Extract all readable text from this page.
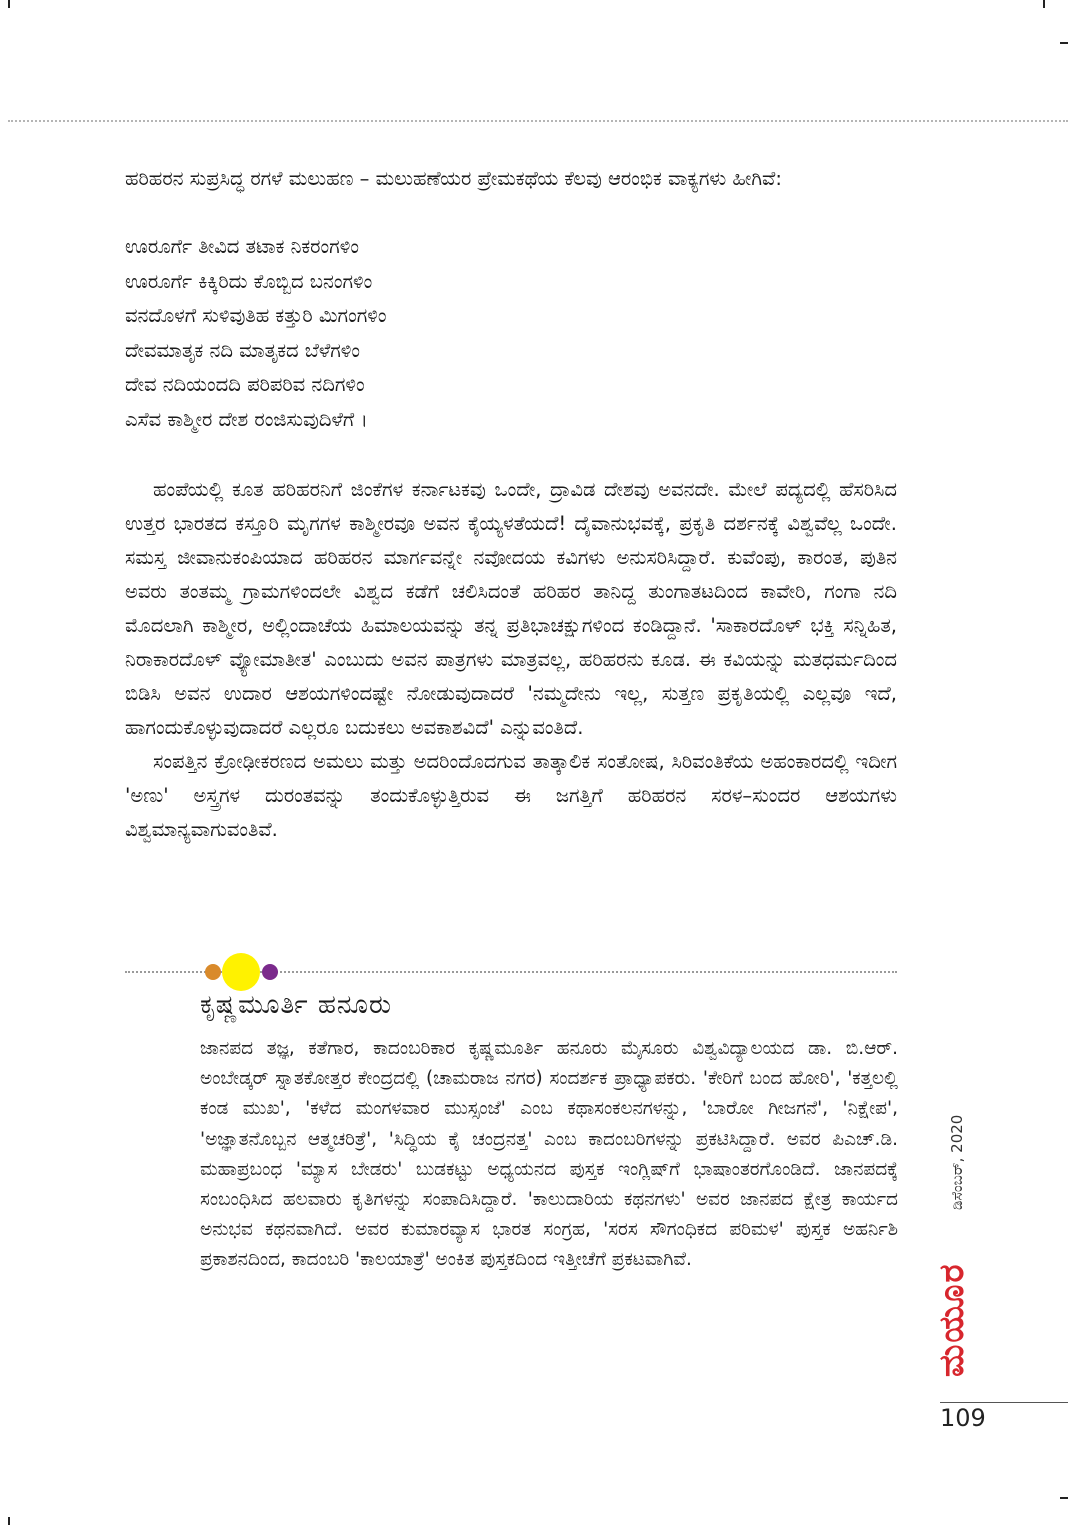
ಹರಿಹರನ ಸುಪ್ರಸಿದ್ಧ ರಗಳೆ ಮಲುಹಣ – ಮಲುಹಣೆಯರ ಪ್ರೇಮಕಥೆಯ ಕೆಲವು ಆರಂಭಿಕ ವಾಕ್ಯಗಳು ಹೀಗಿವೆ:

ಊರೂರ್ಗೆ ತೀವಿದ ತಟಾಕ ನಿಕರಂಗಳಿಂ
ಊರೂರ್ಗೆ ಕಿಕ್ಕಿರಿದು ಕೊಬ್ಬಿದ ಬನಂಗಳಿಂ
ವನದೊಳಗೆ ಸುಳಿವುತಿಹ ಕತ್ತುರಿ ಮಿಗಂಗಳಿಂ
ದೇವಮಾತೃಕ ನದಿ ಮಾತೃಕದ ಬೆಳೆಗಳಿಂ
ದೇವ ನದಿಯಂದದಿ ಪರಿಪರಿವ ನದಿಗಳಿಂ
ಎಸೆವ ಕಾಶ್ಮೀರ ದೇಶ ರಂಜಿಸುವುದಿಳೆಗೆ ।

ಹಂಪೆಯಲ್ಲಿ ಕೂತ ಹರಿಹರನಿಗೆ ಜಿಂಕೆಗಳ ಕರ್ನಾಟಕವು ಒಂದೇ, ದ್ರಾವಿಡ ದೇಶವು ಅವನದೇ. ಮೇಲೆ ಪದ್ಯದಲ್ಲಿ ಹೆಸರಿಸಿದ ಉತ್ತರ ಭಾರತದ ಕಸ್ತೂರಿ ಮೃಗಗಳ ಕಾಶ್ಮೀರವೂ ಅವನ ಕೈಯ್ಯಳತೆಯದೆ! ದೈವಾನುಭವಕ್ಕೆ, ಪ್ರಕೃತಿ ದರ್ಶನಕ್ಕೆ ವಿಶ್ವವೆಲ್ಲ ಒಂದೇ. ಸಮಸ್ತ ಜೀವಾನುಕಂಪಿಯಾದ ಹರಿಹರನ ಮಾರ್ಗವನ್ನೇ ನವೋದಯ ಕವಿಗಳು ಅನುಸರಿಸಿದ್ದಾರೆ. ಕುವೆಂಪು, ಕಾರಂತ, ಪುತಿನ ಅವರು ತಂತಮ್ಮ ಗ್ರಾಮಗಳಿಂದಲೇ ವಿಶ್ವದ ಕಡೆಗೆ ಚಲಿಸಿದಂತೆ ಹರಿಹರ ತಾನಿದ್ದ ತುಂಗಾತಟದಿಂದ ಕಾವೇರಿ, ಗಂಗಾ ನದಿ ಮೊದಲಾಗಿ ಕಾಶ್ಮೀರ, ಅಲ್ಲಿಂದಾಚೆಯ ಹಿಮಾಲಯವನ್ನು ತನ್ನ ಪ್ರತಿಭಾಚಕ್ಷುಗಳಿಂದ ಕಂಡಿದ್ದಾನೆ. 'ಸಾಕಾರದೊಳ್ ಭಕ್ತಿ ಸನ್ನಿಹಿತ, ನಿರಾಕಾರದೊಳ್ ವ್ಯೋಮಾತೀತ' ಎಂಬುದು ಅವನ ಪಾತ್ರಗಳು ಮಾತ್ರವಲ್ಲ, ಹರಿಹರನು ಕೂಡ. ಈ ಕವಿಯನ್ನು ಮತಧರ್ಮದಿಂದ ಬಿಡಿಸಿ ಅವನ ಉದಾರ ಆಶಯಗಳಿಂದಷ್ಟೇ ನೋಡುವುದಾದರೆ 'ನಮ್ಮದೇನು ಇಲ್ಲ, ಸುತ್ತಣ ಪ್ರಕೃತಿಯಲ್ಲಿ ಎಲ್ಲವೂ ಇದೆ, ಹಾಗಂದುಕೊಳ್ಳುವುದಾದರೆ ಎಲ್ಲರೂ ಬದುಕಲು ಅವಕಾಶವಿದೆ' ಎನ್ನುವಂತಿದೆ.

ಸಂಪತ್ತಿನ ಕ್ರೋಢೀಕರಣದ ಅಮಲು ಮತ್ತು ಅದರಿಂದೊದಗುವ ತಾತ್ಕಾಲಿಕ ಸಂತೋಷ, ಸಿರಿವಂತಿಕೆಯ ಅಹಂಕಾರದಲ್ಲಿ ಇದೀಗ 'ಅಣು' ಅಸ್ತ್ರಗಳ ದುರಂತವನ್ನು ತಂದುಕೊಳ್ಳುತ್ತಿರುವ ಈ ಜಗತ್ತಿಗೆ ಹರಿಹರನ ಸರಳ–ಸುಂದರ ಆಶಯಗಳು ವಿಶ್ವಮಾನ್ಯವಾಗುವಂತಿವೆ.

ಕೃಷ್ಣಮೂರ್ತಿ ಹನೂರು
ಜಾನಪದ ತಜ್ಞ, ಕತೆಗಾರ, ಕಾದಂಬರಿಕಾರ ಕೃಷ್ಣಮೂರ್ತಿ ಹನೂರು ಮೈಸೂರು ವಿಶ್ವವಿದ್ಯಾಲಯದ ಡಾ. ಬಿ.ಆರ್. ಅಂಬೇಡ್ಕರ್ ಸ್ನಾತಕೋತ್ತರ ಕೇಂದ್ರದಲ್ಲಿ (ಚಾಮರಾಜ ನಗರ) ಸಂದರ್ಶಕ ಪ್ರಾಧ್ಯಾಪಕರು. 'ಕೇರಿಗೆ ಬಂದ ಹೋರಿ', 'ಕತ್ತಲಲ್ಲಿ ಕಂಡ ಮುಖ', 'ಕಳೆದ ಮಂಗಳವಾರ ಮುಸ್ಸಂಜೆ' ಎಂಬ ಕಥಾಸಂಕಲನಗಳನ್ನು, 'ಬಾರೋ ಗೀಜಗನೆ', 'ನಿಕ್ಷೇಪ', 'ಅಜ್ಞಾತನೊಬ್ಬನ ಆತ್ಮಚರಿತ್ರೆ', 'ಸಿದ್ಧಿಯ ಕೈ ಚಂದ್ರನತ್ತ' ಎಂಬ ಕಾದಂಬರಿಗಳನ್ನು ಪ್ರಕಟಿಸಿದ್ದಾರೆ. ಅವರ ಪಿಎಚ್.ಡಿ. ಮಹಾಪ್ರಬಂಧ 'ಮ್ಯಾಸ ಬೇಡರು' ಬುಡಕಟ್ಟು ಅಧ್ಯಯನದ ಪುಸ್ತಕ ಇಂಗ್ಲಿಷ್‌ಗೆ ಭಾಷಾಂತರಗೊಂಡಿದೆ. ಜಾನಪದಕ್ಕೆ ಸಂಬಂಧಿಸಿದ ಹಲವಾರು ಕೃತಿಗಳನ್ನು ಸಂಪಾದಿಸಿದ್ದಾರೆ. 'ಕಾಲುದಾರಿಯ ಕಥನಗಳು' ಅವರ ಜಾನಪದ ಕ್ಷೇತ್ರ ಕಾರ್ಯದ ಅನುಭವ ಕಥನವಾಗಿದೆ. ಅವರ ಕುಮಾರವ್ಯಾಸ ಭಾರತ ಸಂಗ್ರಹ, 'ಸರಸ ಸೌಗಂಧಿಕದ ಪರಿಮಳ' ಪುಸ್ತಕ ಅಹರ್ನಿಶಿ ಪ್ರಕಾಶನದಿಂದ, ಕಾದಂಬರಿ 'ಕಾಲಯಾತ್ರೆ' ಅಂಕಿತ ಪುಸ್ತಕದಿಂದ ಇತ್ತೀಚೆಗೆ ಪ್ರಕಟವಾಗಿವೆ.
ಡಿಸೆಂಬರ್, 2020
ಮಯೂರ
109
